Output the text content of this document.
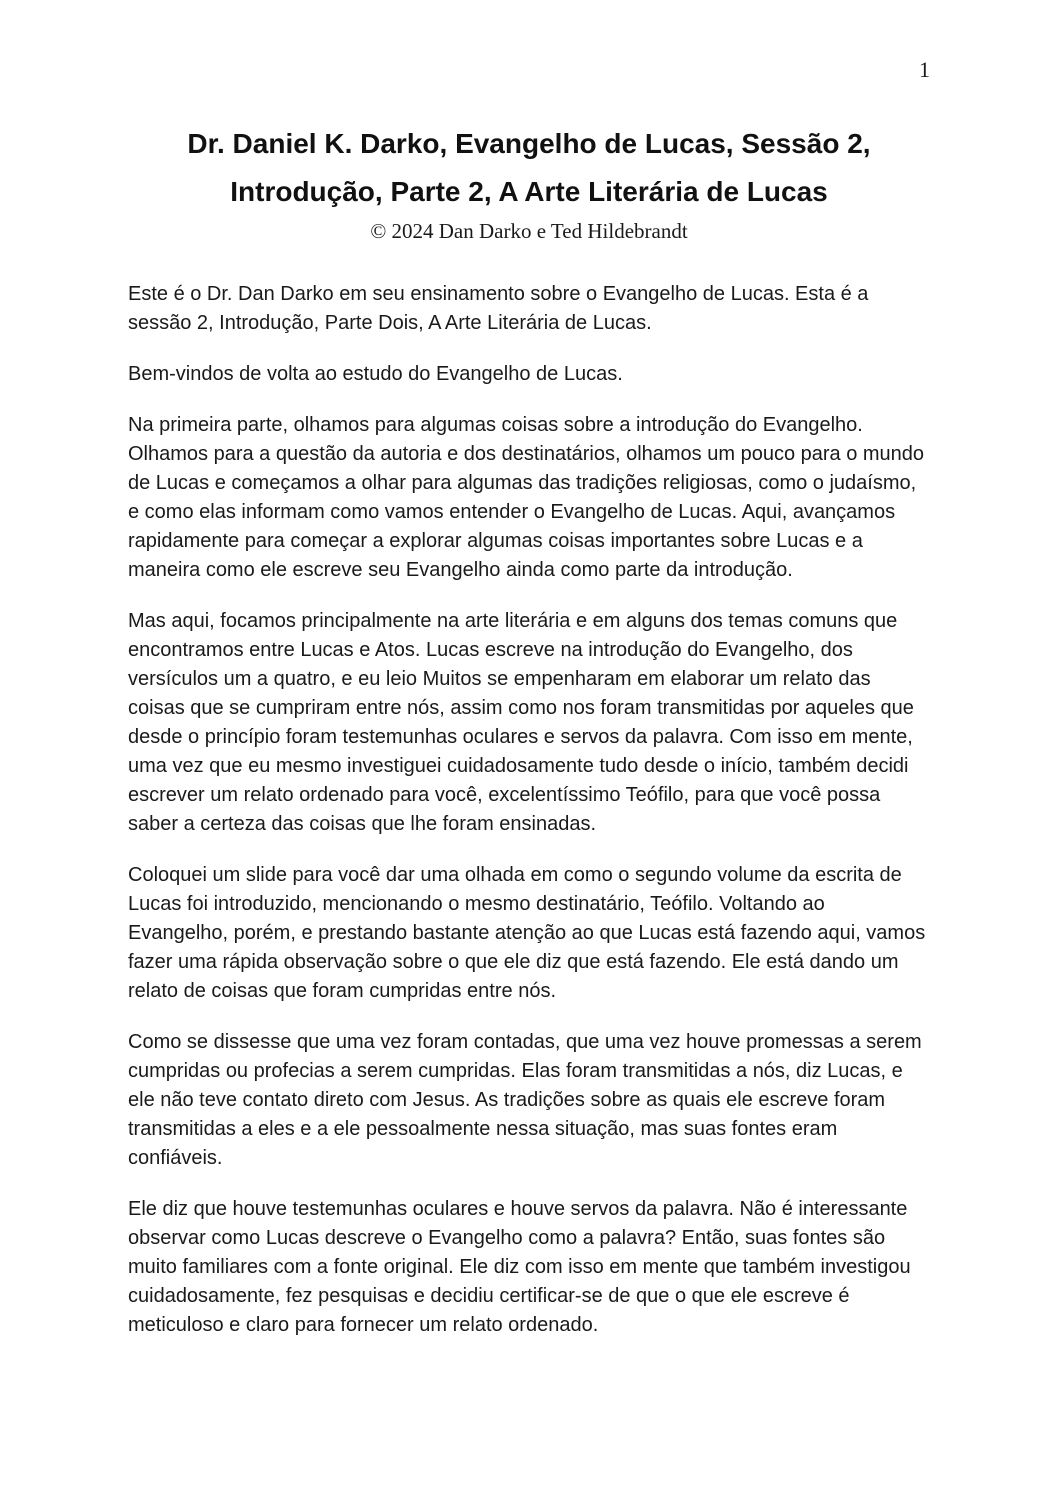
1
Dr. Daniel K. Darko, Evangelho de Lucas, Sessão 2,
Introdução, Parte 2, A Arte Literária de Lucas
© 2024 Dan Darko e Ted Hildebrandt

Este é o Dr. Dan Darko em seu ensinamento sobre o Evangelho de Lucas. Esta é a sessão 2, Introdução, Parte Dois, A Arte Literária de Lucas.

Bem-vindos de volta ao estudo do Evangelho de Lucas.

Na primeira parte, olhamos para algumas coisas sobre a introdução do Evangelho. Olhamos para a questão da autoria e dos destinatários, olhamos um pouco para o mundo de Lucas e começamos a olhar para algumas das tradições religiosas, como o judaísmo, e como elas informam como vamos entender o Evangelho de Lucas. Aqui, avançamos rapidamente para começar a explorar algumas coisas importantes sobre Lucas e a maneira como ele escreve seu Evangelho ainda como parte da introdução.

Mas aqui, focamos principalmente na arte literária e em alguns dos temas comuns que encontramos entre Lucas e Atos. Lucas escreve na introdução do Evangelho, dos versículos um a quatro, e eu leio Muitos se empenharam em elaborar um relato das coisas que se cumpriram entre nós, assim como nos foram transmitidas por aqueles que desde o princípio foram testemunhas oculares e servos da palavra. Com isso em mente, uma vez que eu mesmo investiguei cuidadosamente tudo desde o início, também decidi escrever um relato ordenado para você, excelentíssimo Teófilo, para que você possa saber a certeza das coisas que lhe foram ensinadas.

Coloquei um slide para você dar uma olhada em como o segundo volume da escrita de Lucas foi introduzido, mencionando o mesmo destinatário, Teófilo. Voltando ao Evangelho, porém, e prestando bastante atenção ao que Lucas está fazendo aqui, vamos fazer uma rápida observação sobre o que ele diz que está fazendo. Ele está dando um relato de coisas que foram cumpridas entre nós.

Como se dissesse que uma vez foram contadas, que uma vez houve promessas a serem cumpridas ou profecias a serem cumpridas. Elas foram transmitidas a nós, diz Lucas, e ele não teve contato direto com Jesus. As tradições sobre as quais ele escreve foram transmitidas a eles e a ele pessoalmente nessa situação, mas suas fontes eram confiáveis.

Ele diz que houve testemunhas oculares e houve servos da palavra. Não é interessante observar como Lucas descreve o Evangelho como a palavra? Então, suas fontes são muito familiares com a fonte original. Ele diz com isso em mente que também investigou cuidadosamente, fez pesquisas e decidiu certificar-se de que o que ele escreve é meticuloso e claro para fornecer um relato ordenado.
